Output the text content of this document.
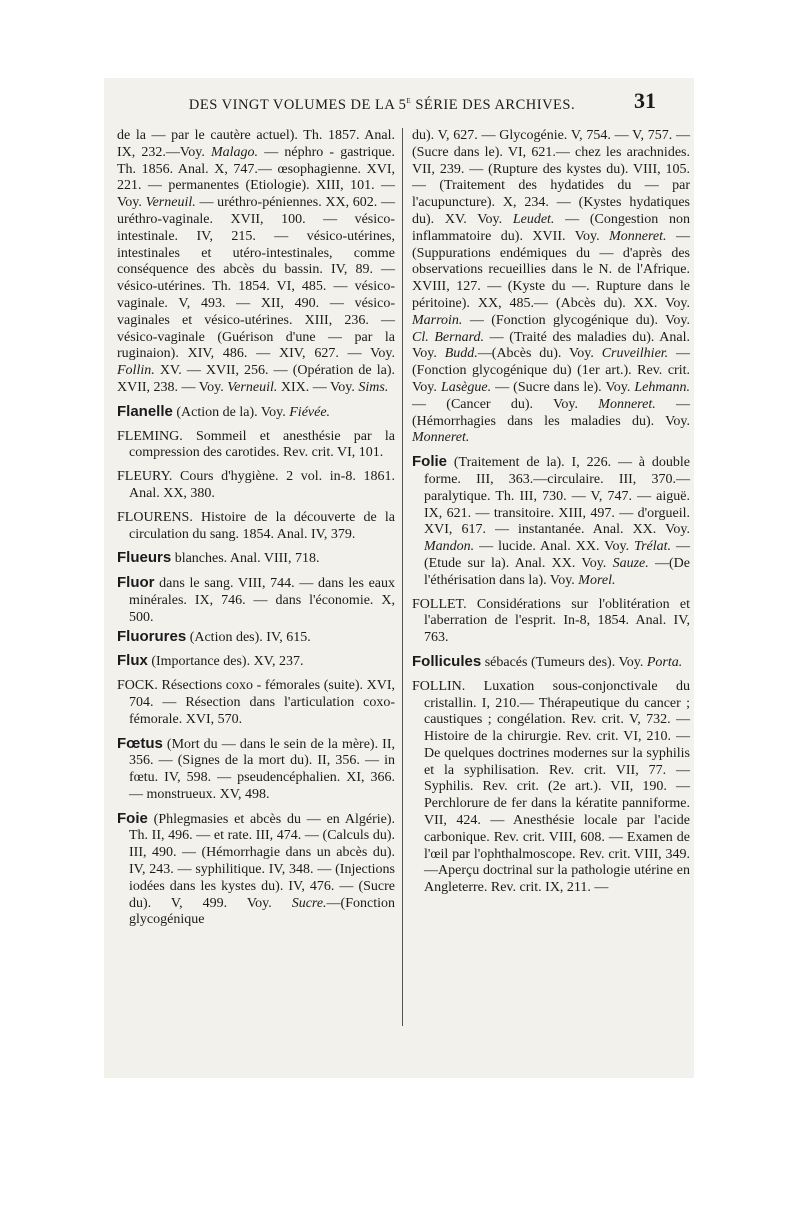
DES VINGT VOLUMES DE LA 5e SÉRIE DES ARCHIVES.	31

de la — par le cautère actuel). Th. 1857. Anal. IX, 232.—Voy. Malago. — néphro - gastrique. Th. 1856. Anal. X, 747.— œsophagienne. XVI, 221. — permanentes (Etiologie). XIII, 101. — Voy. Verneuil. — uréthro-péniennes. XX, 602. — uréthro-vaginale. XVII, 100. — vésico-intestinale. IV, 215. — vésico-utérines, intestinales et utéro-intestinales, comme conséquence des abcès du bassin. IV, 89. — vésico-utérines. Th. 1854. VI, 485. — vésico-vaginale. V, 493. — XII, 490. — vésico-vaginales et vésico-utérines. XIII, 236. — vésico-vaginale (Guérison d'une — par la ruginaion). XIV, 486. — XIV, 627. — Voy. Follin. XV. — XVII, 256. — (Opération de la). XVII, 238. — Voy. Verneuil. XIX. — Voy. Sims.

Flanelle (Action de la). Voy. Fiévée.

FLEMING. Sommeil et anesthésie par la compression des carotides. Rev. crit. VI, 101.

FLEURY. Cours d'hygiène. 2 vol. in-8. 1861. Anal. XX, 380.

FLOURENS. Histoire de la découverte de la circulation du sang. 1854. Anal. IV, 379.

Flueurs blanches. Anal. VIII, 718.

Fluor dans le sang. VIII, 744. — dans les eaux minérales. IX, 746. — dans l'économie. X, 500.

Fluorures (Action des). IV, 615.

Flux (Importance des). XV, 237.

FOCK. Résections coxo - fémorales (suite). XVI, 704. — Résection dans l'articulation coxo-fémorale. XVI, 570.

Fœtus (Mort du — dans le sein de la mère). II, 356. — (Signes de la mort du). II, 356. — in fœtu. IV, 598. — pseudencéphalien. XI, 366. — monstrueux. XV, 498.

Foie (Phlegmasies et abcès du — en Algérie). Th. II, 496. — et rate. III, 474. — (Calculs du). III, 490. — (Hémorrhagie dans un abcès du). IV, 243. — syphilitique. IV, 348. — (Injections iodées dans les kystes du). IV, 476. — (Sucre du). V, 499. Voy. Sucre.—(Fonction glycogénique

du). V, 627. — Glycogénie. V, 754. — V, 757. — (Sucre dans le). VI, 621.— chez les arachnides. VII, 239. — (Rupture des kystes du). VIII, 105. — (Traitement des hydatides du — par l'acupuncture). X, 234. — (Kystes hydatiques du). XV. Voy. Leudet. — (Congestion non inflammatoire du). XVII. Voy. Monneret. — (Suppurations endémiques du — d'après des observations recueillies dans le N. de l'Afrique. XVIII, 127. — (Kyste du —. Rupture dans le péritoine). XX, 485.— (Abcès du). XX. Voy. Marroin. — (Fonction glycogénique du). Voy. Cl. Bernard. — (Traité des maladies du). Anal. Voy. Budd.—(Abcès du). Voy. Cruveilhier. — (Fonction glycogénique du) (1er art.). Rev. crit. Voy. Lasègue. — (Sucre dans le). Voy. Lehmann. — (Cancer du). Voy. Monneret. — (Hémorrhagies dans les maladies du). Voy. Monneret.

Folie (Traitement de la). I, 226. — à double forme. III, 363.—circulaire. III, 370.— paralytique. Th. III, 730. — V, 747. — aiguë. IX, 621. — transitoire. XIII, 497. — d'orgueil. XVI, 617. — instantanée. Anal. XX. Voy. Mandon. — lucide. Anal. XX. Voy. Trélat. — (Etude sur la). Anal. XX. Voy. Sauze. —(De l'éthérisation dans la). Voy. Morel.

FOLLET. Considérations sur l'oblitération et l'aberration de l'esprit. In-8, 1854. Anal. IV, 763.

Follicules sébacés (Tumeurs des). Voy. Porta.

FOLLIN. Luxation sous-conjonctivale du cristallin. I, 210.— Thérapeutique du cancer ; caustiques ; congélation. Rev. crit. V, 732. — Histoire de la chirurgie. Rev. crit. VI, 210. — De quelques doctrines modernes sur la syphilis et la syphilisation. Rev. crit. VII, 77. — Syphilis. Rev. crit. (2e art.). VII, 190. — Perchlorure de fer dans la kératite panniforme. VII, 424. — Anesthésie locale par l'acide carbonique. Rev. crit. VIII, 608. — Examen de l'œil par l'ophthalmoscope. Rev. crit. VIII, 349.—Aperçu doctrinal sur la pathologie utérine en Angleterre. Rev. crit. IX, 211. —
